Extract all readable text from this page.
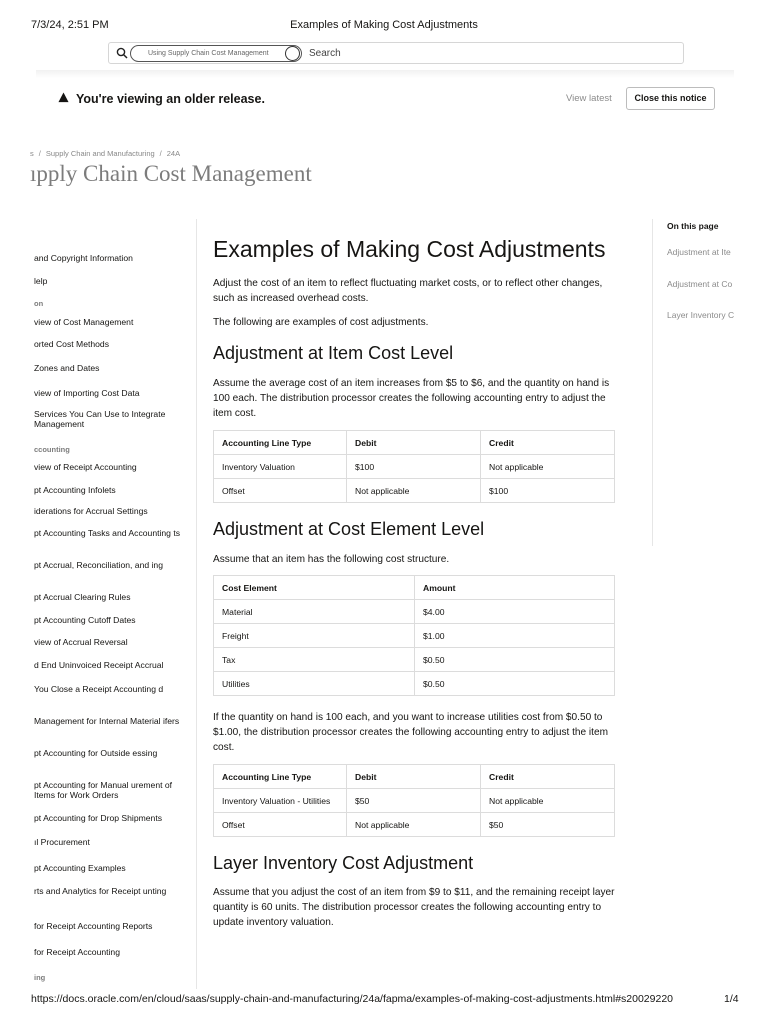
7/3/24, 2:51 PM	Examples of Making Cost Adjustments
Using Supply Chain Cost Management	Search
You're viewing an older release.	View latest	Close this notice
s / Supply Chain and Manufacturing / 24A
ıpply Chain Cost Management
and Copyright Information
lelp
on
view of Cost Management
orted Cost Methods
Zones and Dates
view of Importing Cost Data
Services You Can Use to Integrate Management
ccounting
view of Receipt Accounting
pt Accounting Infolets
iderations for Accrual Settings
pt Accounting Tasks and Accounting ts
pt Accrual, Reconciliation, and ing
pt Accrual Clearing Rules
pt Accounting Cutoff Dates
view of Accrual Reversal
d End Uninvoiced Receipt Accrual
You Close a Receipt Accounting d
Management for Internal Material ifers
pt Accounting for Outside essing
pt Accounting for Manual urement of Items for Work Orders
pt Accounting for Drop Shipments
ıl Procurement
pt Accounting Examples
rts and Analytics for Receipt unting
for Receipt Accounting Reports
for Receipt Accounting
ing
On this page
Adjustment at Ite
Adjustment at Co
Layer Inventory C
Examples of Making Cost Adjustments
Adjust the cost of an item to reflect fluctuating market costs, or to reflect other changes, such as increased overhead costs.
The following are examples of cost adjustments.
Adjustment at Item Cost Level
Assume the average cost of an item increases from $5 to $6, and the quantity on hand is 100 each. The distribution processor creates the following accounting entry to adjust the item cost.
Accounting Line Type	Debit	Credit
Inventory Valuation	$100	Not applicable
Offset	Not applicable	$100
Adjustment at Cost Element Level
Assume that an item has the following cost structure.
Cost Element	Amount
Material	$4.00
Freight	$1.00
Tax	$0.50
Utilities	$0.50
If the quantity on hand is 100 each, and you want to increase utilities cost from $0.50 to $1.00, the distribution processor creates the following accounting entry to adjust the item cost.
Accounting Line Type	Debit	Credit
Inventory Valuation - Utilities	$50	Not applicable
Offset	Not applicable	$50
Layer Inventory Cost Adjustment
Assume that you adjust the cost of an item from $9 to $11, and the remaining receipt layer quantity is 60 units. The distribution processor creates the following accounting entry to update inventory valuation.
https://docs.oracle.com/en/cloud/saas/supply-chain-and-manufacturing/24a/fapma/examples-of-making-cost-adjustments.html#s20029220	1/4
